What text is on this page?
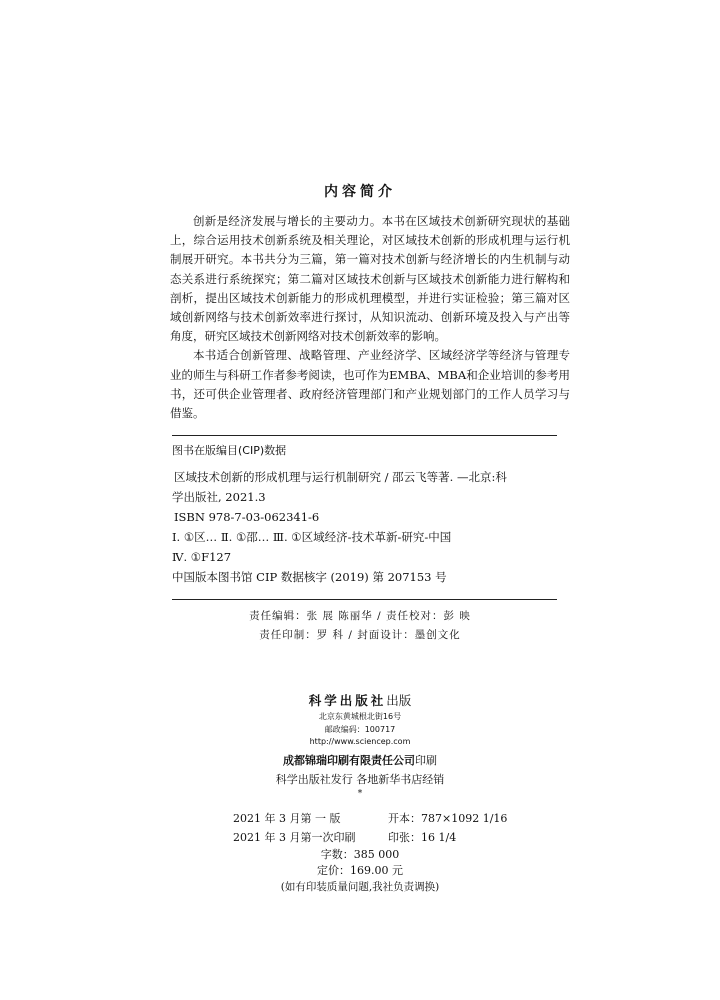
内容简介

创新是经济发展与增长的主要动力。本书在区域技术创新研究现状的基础上，综合运用技术创新系统及相关理论，对区域技术创新的形成机理与运行机制展开研究。本书共分为三篇，第一篇对技术创新与经济增长的内生机制与动态关系进行系统探究；第二篇对区域技术创新与区域技术创新能力进行解构和剖析，提出区域技术创新能力的形成机理模型，并进行实证检验；第三篇对区域创新网络与技术创新效率进行探讨，从知识流动、创新环境及投入与产出等角度，研究区域技术创新网络对技术创新效率的影响。

本书适合创新管理、战略管理、产业经济学、区域经济学等经济与管理专业的师生与科研工作者参考阅读，也可作为EMBA、MBA和企业培训的参考用书，还可供企业管理者、政府经济管理部门和产业规划部门的工作人员学习与借鉴。

图书在版编目(CIP)数据
区域技术创新的形成机理与运行机制研究 / 邵云飞等著. —北京:科
学出版社, 2021.3
ISBN 978-7-03-062341-6
Ⅰ. ①区… Ⅱ. ①邵… Ⅲ. ①区域经济-技术革新-研究-中国
Ⅳ. ①F127
中国版本图书馆 CIP 数据核字 (2019) 第 207153 号
责任编辑：张 展 陈丽华 / 责任校对：彭 映
责任印制：罗 科 / 封面设计：墨创文化
科学出版社出版
北京东黄城根北街16号
邮政编码：100717
http://www.sciencep.com
成都锦瑞印刷有限责任公司印刷
科学出版社发行 各地新华书店经销
*
2021 年 3 月第 一 版	开本：787×1092 1/16
2021 年 3 月第一次印刷	印张：16 1/4
字数：385 000
定价：169.00 元
(如有印装质量问题,我社负责调换)
